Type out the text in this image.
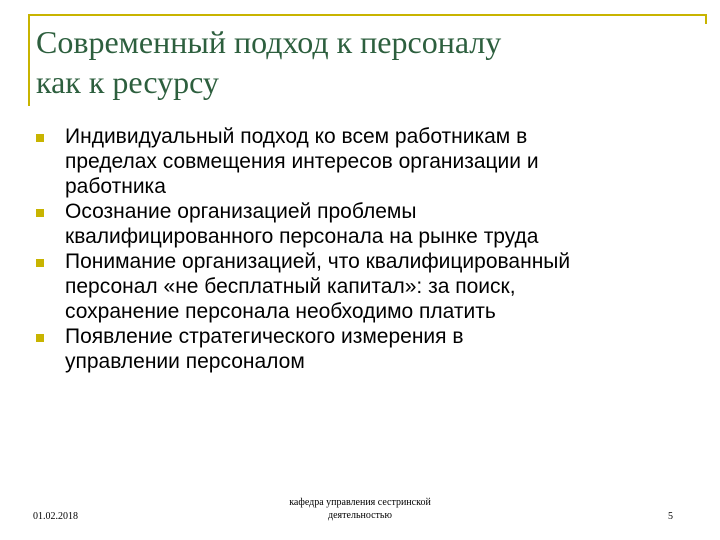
Современный подход к персоналу
как к ресурсу
Индивидуальный подход ко всем работникам в
пределах совмещения интересов организации и
работника
Осознание организацией проблемы
квалифицированного персонала на рынке труда
Понимание организацией, что квалифицированный
персонал «не бесплатный капитал»: за поиск,
сохранение персонала необходимо платить
Появление стратегического измерения в
управлении персоналом
01.02.2018
кафедра управления сестринской
деятельностью	5
